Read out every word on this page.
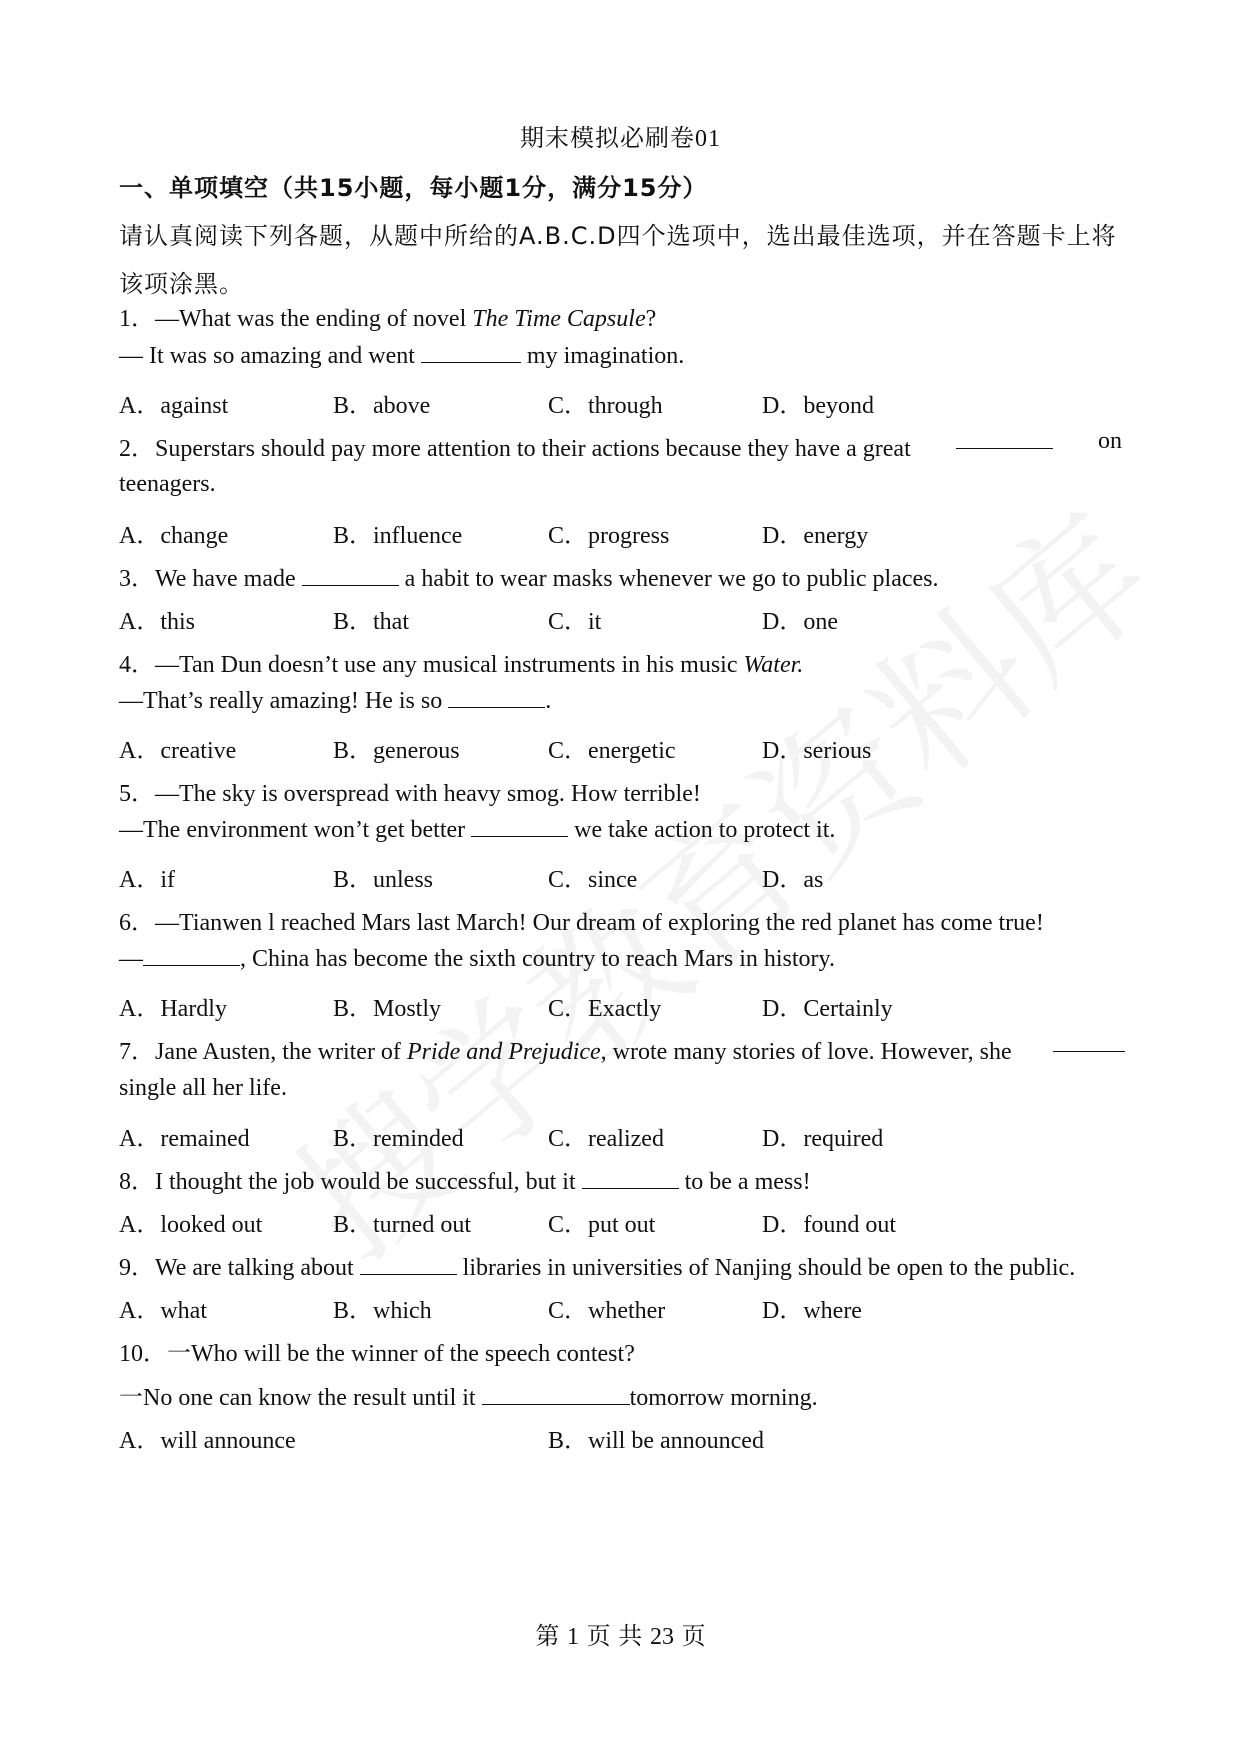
期末模拟必刷卷01
一、单项填空（共15小题，每小题1分，满分15分）
请认真阅读下列各题，从题中所给的A.B.C.D四个选项中，选出最佳选项，并在答题卡上将该项涂黑。
1．—What was the ending of novel The Time Capsule?
— It was so amazing and went	my imagination.
A．against	B．above	C．through	D．beyond
2．Superstars should pay more attention to their actions because they have a great	on
teenagers.
A．change	B．influence	C．progress	D．energy
3．We have made	a habit to wear masks whenever we go to public places.
A．this	B．that	C．it	D．one
4．—Tan Dun doesn’t use any musical instruments in his music Water.
—That’s really amazing! He is so	.
A．creative	B．generous	C．energetic	D．serious
5．—The sky is overspread with heavy smog. How terrible!
—The environment won’t get better	we take action to protect it.
A．if	B．unless	C．since	D．as
6．—Tianwen l reached Mars last March! Our dream of exploring the red planet has come true!
—	, China has become the sixth country to reach Mars in history.
A．Hardly	B．Mostly	C．Exactly	D．Certainly
7．Jane Austen, the writer of Pride and Prejudice, wrote many stories of love. However, she
single all her life.
A．remained	B．reminded	C．realized	D．required
8．I thought the job would be successful, but it	to be a mess!
A．looked out	B．turned out	C．put out	D．found out
9．We are talking about	libraries in universities of Nanjing should be open to the public.
A．what	B．which	C．whether	D．where
10．一Who will be the winner of the speech contest?
一No one can know the result until it	tomorrow morning.
A．will announce	B．will be announced
第 1 页 共 23 页
